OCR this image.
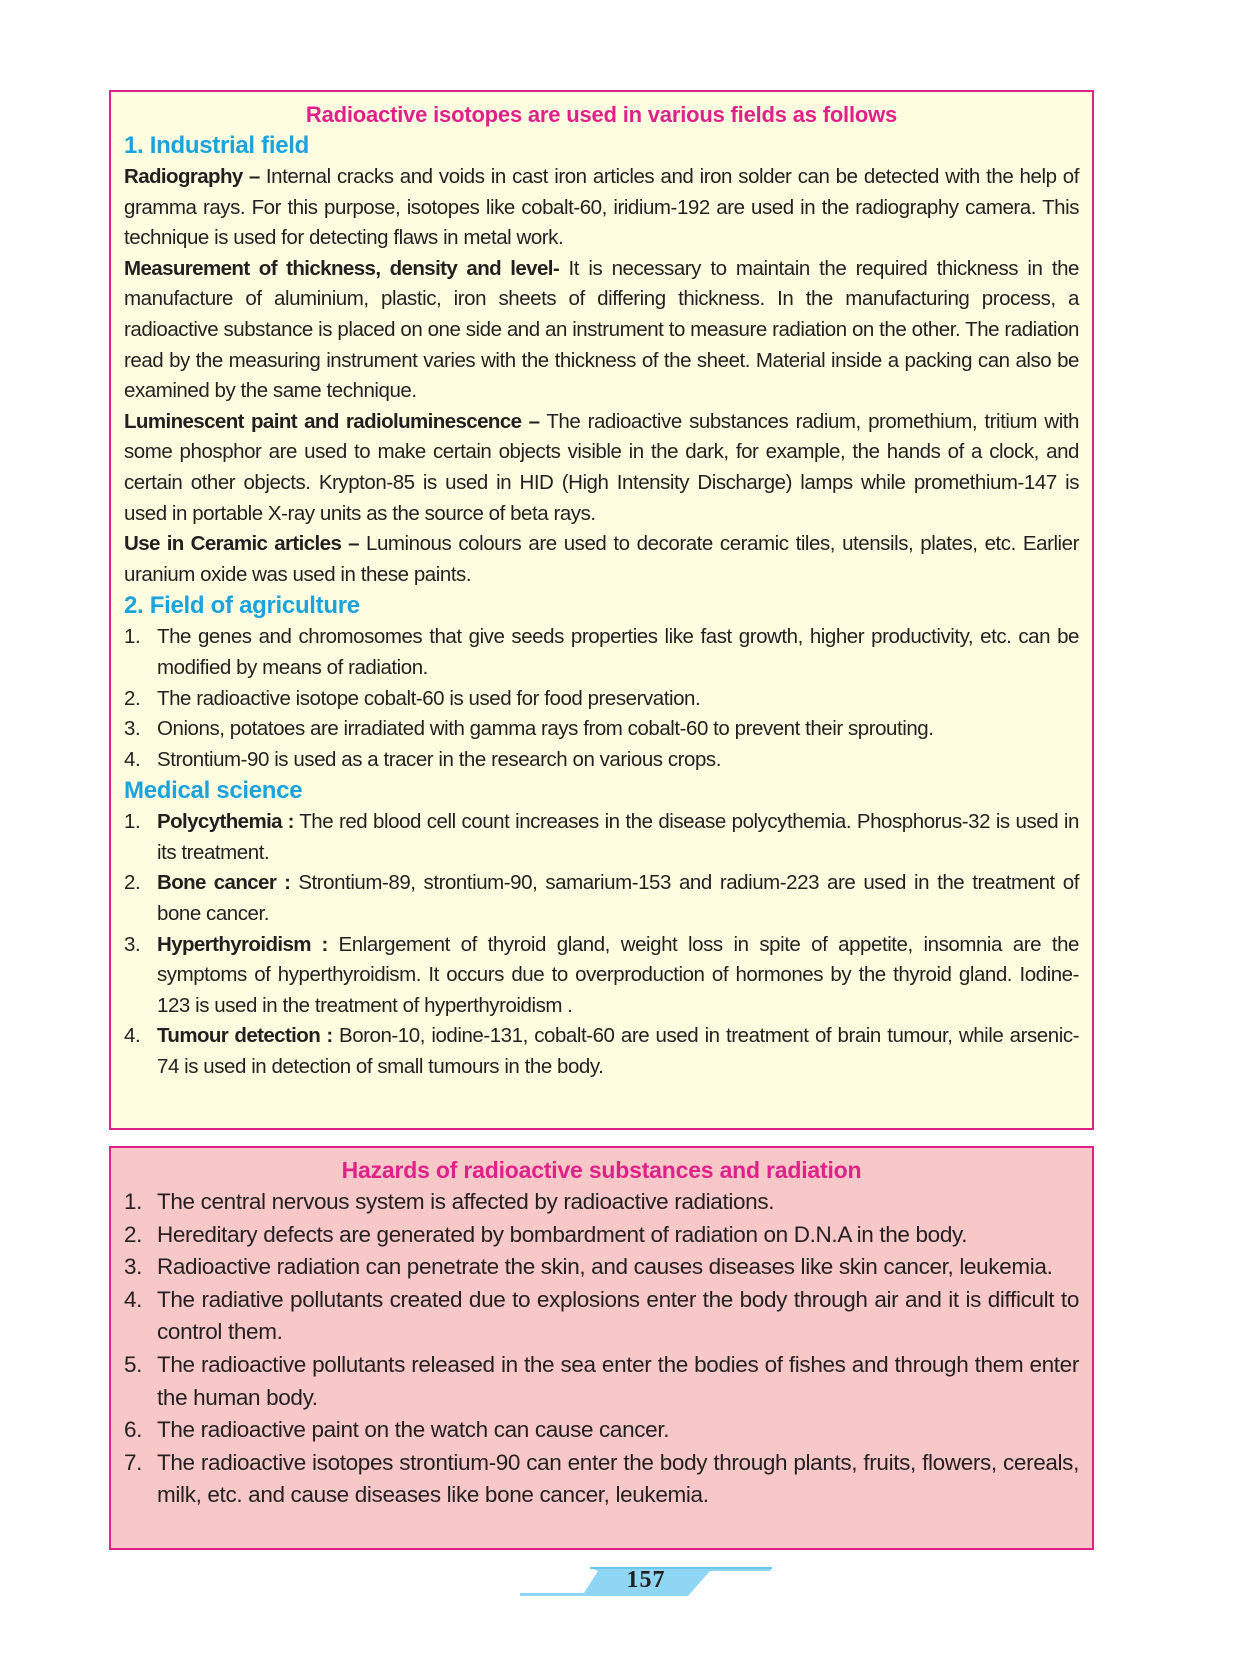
Radioactive isotopes are used in various fields as follows
1. Industrial field

Radiography – Internal cracks and voids in cast iron articles and iron solder can be detected with the help of gramma rays. For this purpose, isotopes like cobalt-60, iridium-192 are used in the radiography camera. This technique is used for detecting flaws in metal work.

Measurement of thickness, density and level- It is necessary to maintain the required thickness in the manufacture of aluminium, plastic, iron sheets of differing thickness. In the manufacturing process, a radioactive substance is placed on one side and an instrument to measure radiation on the other. The radiation read by the measuring instrument varies with the thickness of the sheet. Material inside a packing can also be examined by the same technique.

Luminescent paint and radioluminescence – The radioactive substances radium, promethium, tritium with some phosphor are used to make certain objects visible in the dark, for example, the hands of a clock, and certain other objects. Krypton-85 is used in HID (High Intensity Discharge) lamps while promethium-147 is used in portable X-ray units as the source of beta rays.

Use in Ceramic articles – Luminous colours are used to decorate ceramic tiles, utensils, plates, etc. Earlier uranium oxide was used in these paints.

2. Field of agriculture
1. The genes and chromosomes that give seeds properties like fast growth, higher productivity, etc. can be modified by means of radiation.
2. The radioactive isotope cobalt-60 is used for food preservation.
3. Onions, potatoes are irradiated with gamma rays from cobalt-60 to prevent their sprouting.
4. Strontium-90 is used as a tracer in the research on various crops.
Medical science
1. Polycythemia : The red blood cell count increases in the disease polycythemia. Phosphorus-32 is used in its treatment.
2. Bone cancer : Strontium-89, strontium-90, samarium-153 and radium-223 are used in the treatment of bone cancer.
3. Hyperthyroidism : Enlargement of thyroid gland, weight loss in spite of appetite, insomnia are the symptoms of hyperthyroidism. It occurs due to overproduction of hormones by the thyroid gland. Iodine-123 is used in the treatment of hyperthyroidism .
4. Tumour detection : Boron-10, iodine-131, cobalt-60 are used in treatment of brain tumour, while arsenic-74 is used in detection of small tumours in the body.
Hazards of radioactive substances and radiation
1. The central nervous system is affected by radioactive radiations.
2. Hereditary defects are generated by bombardment of radiation on D.N.A in the body.
3. Radioactive radiation can penetrate the skin, and causes diseases like skin cancer, leukemia.
4. The radiative pollutants created due to explosions enter the body through air and it is difficult to control them.
5. The radioactive pollutants released in the sea enter the bodies of fishes and through them enter the human body.
6. The radioactive paint on the watch can cause cancer.
7. The radioactive isotopes strontium-90 can enter the body through plants, fruits, flowers, cereals, milk, etc. and cause diseases like bone cancer, leukemia.
157
